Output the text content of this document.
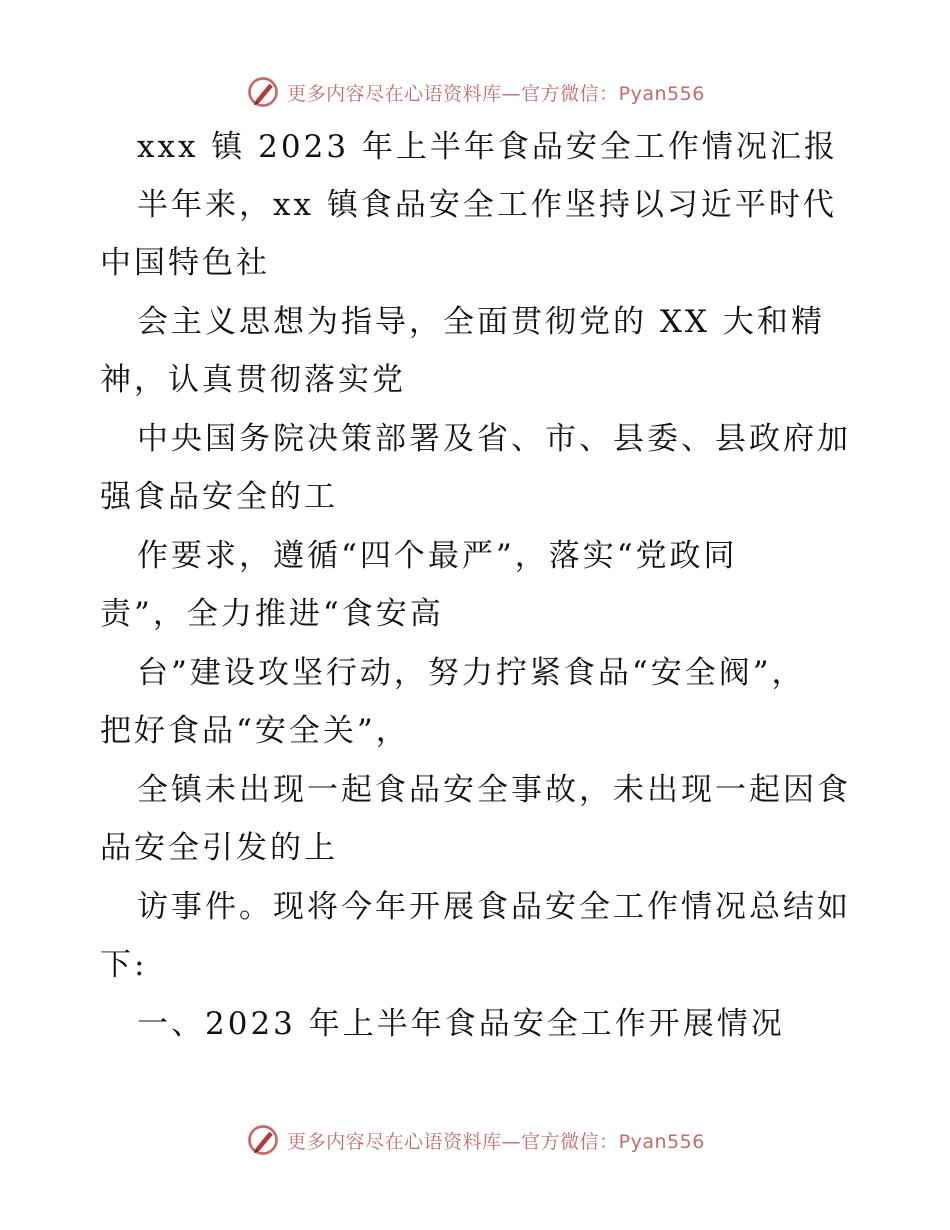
更多内容尽在心语资料库—官方微信：Pyan556
xxx 镇 2023 年上半年食品安全工作情况汇报
半年来，xx 镇食品安全工作坚持以习近平时代
中国特色社
会主义思想为指导，全面贯彻党的 XX 大和精
神，认真贯彻落实党
中央国务院决策部署及省、市、县委、县政府加
强食品安全的工
作要求，遵循“四个最严”，落实“党政同
责”，全力推进“食安高
台”建设攻坚行动，努力拧紧食品“安全阀”，
把好食品“安全关”，
全镇未出现一起食品安全事故，未出现一起因食
品安全引发的上
访事件。现将今年开展食品安全工作情况总结如
下:
一、2023 年上半年食品安全工作开展情况
更多内容尽在心语资料库—官方微信：Pyan556
